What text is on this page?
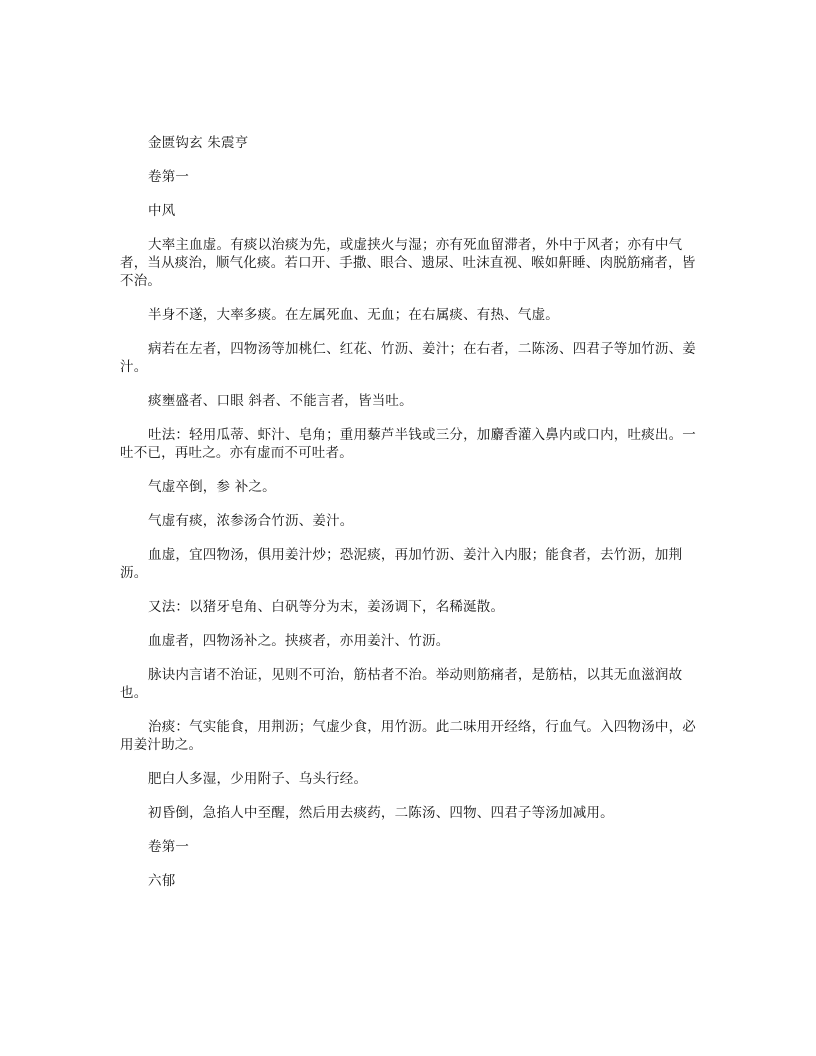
金匮钩玄 朱震亨

卷第一

中风

大率主血虚。有痰以治痰为先，或虚挟火与湿；亦有死血留滞者，外中于风者；亦有中气者，当从痰治，顺气化痰。若口开、手撒、眼合、遗尿、吐沫直视、喉如鼾睡、肉脱筋痛者，皆不治。

半身不遂，大率多痰。在左属死血、无血；在右属痰、有热、气虚。

病若在左者，四物汤等加桃仁、红花、竹沥、姜汁；在右者，二陈汤、四君子等加竹沥、姜汁。

痰壅盛者、口眼 斜者、不能言者，皆当吐。

吐法：轻用瓜蒂、虾汁、皂角；重用藜芦半钱或三分，加麝香灌入鼻内或口内，吐痰出。一吐不已，再吐之。亦有虚而不可吐者。

气虚卒倒，参 补之。

气虚有痰，浓参汤合竹沥、姜汁。

血虚，宜四物汤，俱用姜汁炒；恐泥痰，再加竹沥、姜汁入内服；能食者，去竹沥，加荆沥。

又法：以猪牙皂角、白矾等分为末，姜汤调下，名稀涎散。

血虚者，四物汤补之。挟痰者，亦用姜汁、竹沥。

脉诀内言诸不治证，见则不可治，筋枯者不治。举动则筋痛者，是筋枯，以其无血滋润故也。

治痰：气实能食，用荆沥；气虚少食，用竹沥。此二味用开经络，行血气。入四物汤中，必用姜汁助之。

肥白人多湿，少用附子、乌头行经。

初昏倒，急掐人中至醒，然后用去痰药，二陈汤、四物、四君子等汤加减用。

卷第一

六郁
